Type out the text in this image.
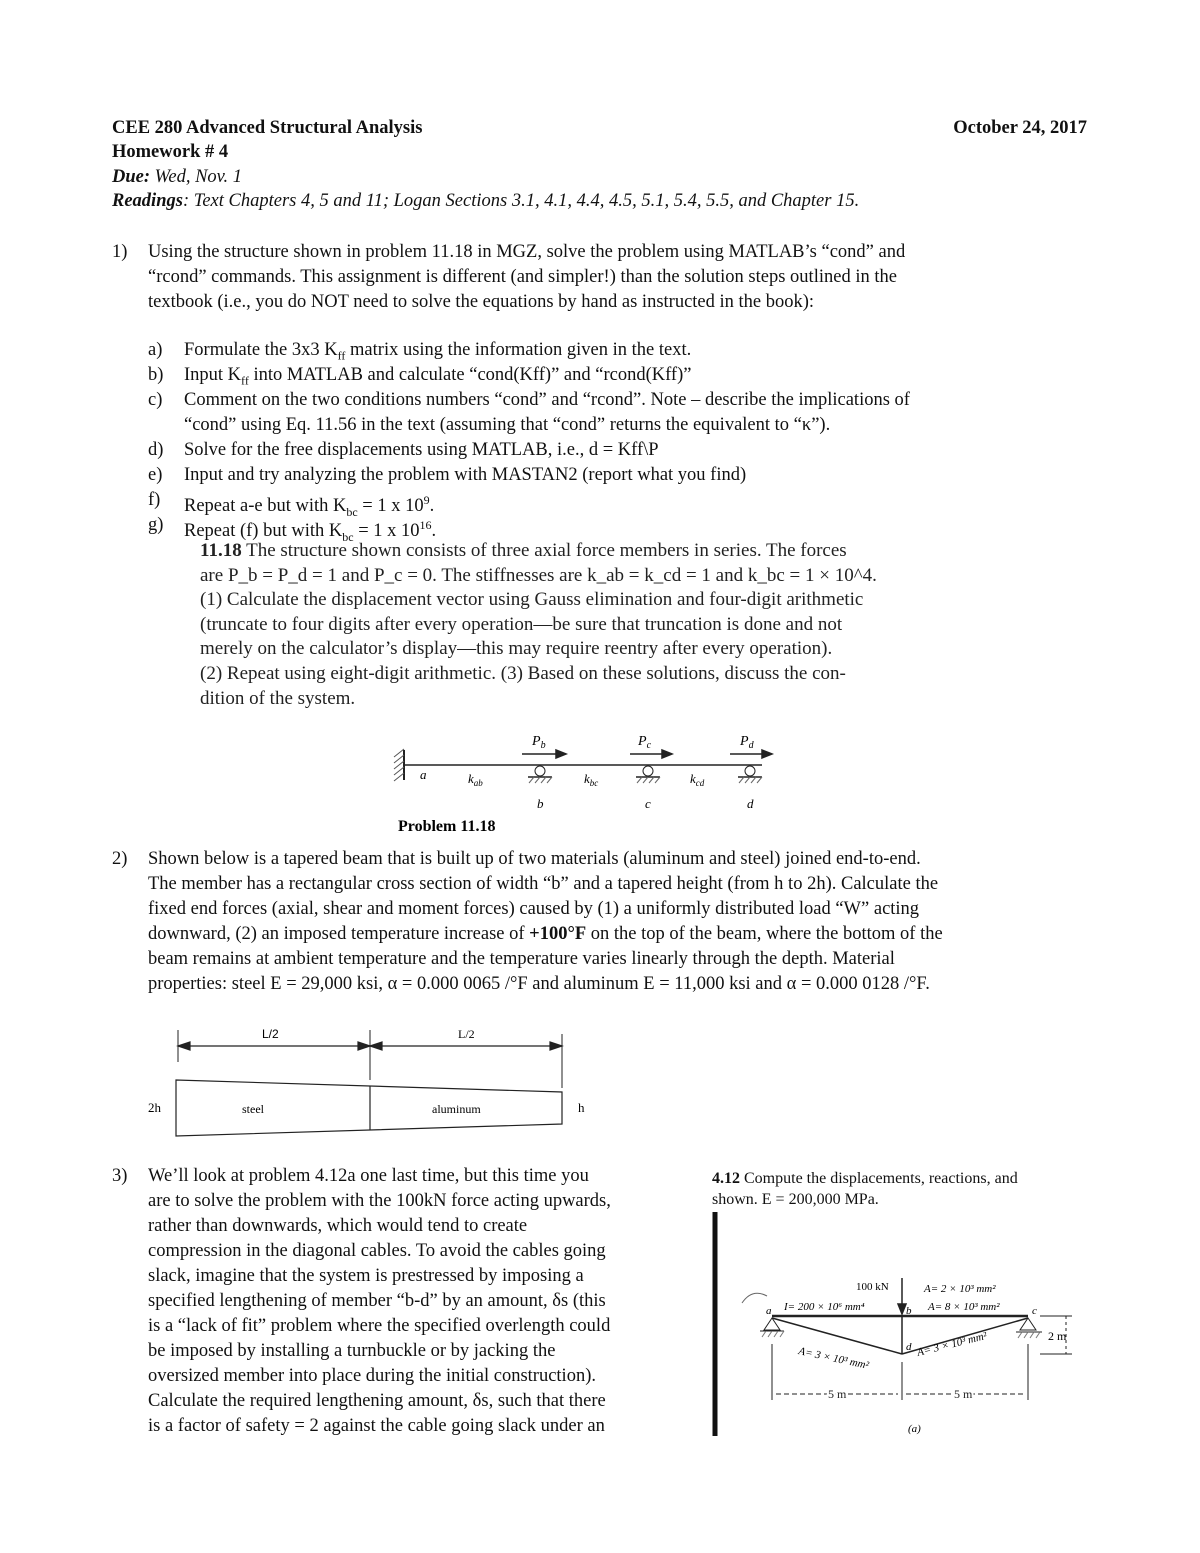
CEE 280 Advanced Structural Analysis	October 24, 2017
Homework # 4
Due: Wed, Nov. 1
Readings: Text Chapters 4, 5 and 11; Logan Sections 3.1, 4.1, 4.4, 4.5, 5.1, 5.4, 5.5, and Chapter 15.
1) Using the structure shown in problem 11.18 in MGZ, solve the problem using MATLAB’s “cond” and
“rcond” commands. This assignment is different (and simpler!) than the solution steps outlined in the
textbook (i.e., you do NOT need to solve the equations by hand as instructed in the book):
a)	Formulate the 3x3 $K_{ff}$ matrix using the information given in the text.
b)	Input $K_{ff}$ into MATLAB and calculate “cond(Kff)” and “rcond(Kff)”
c)	Comment on the two conditions numbers “cond” and “rcond”. Note – describe the implications of
“cond” using Eq. 11.56 in the text (assuming that “cond” returns the equivalent to “κ”).
d)	Solve for the free displacements using MATLAB, i.e., d = Kff\P
e)	Input and try analyzing the problem with MASTAN2 (report what you find)
f)	Repeat a-e but with $K_{bc} = 1$ x $10^9$.
g)	Repeat (f) but with $K_{bc} = 1$ x $10^{16}$.
11.18 The structure shown consists of three axial force members in series. The forces
are P_b = P_d = 1 and P_c = 0. The stiffnesses are k_ab = k_cd = 1 and k_bc = 1 × 10^4.
(1) Calculate the displacement vector using Gauss elimination and four-digit arithmetic
(truncate to four digits after every operation—be sure that truncation is done and not
merely on the calculator’s display—this may require reentry after every operation).
(2) Repeat using eight-digit arithmetic. (3) Based on these solutions, discuss the con-
dition of the system.
$P_b$	$P_c$	$P_d$
a
b	c	d
$k_{ab}$	$k_{bc}$	$k_{cd}$
Problem 11.18
2) Shown below is a tapered beam that is built up of two materials (aluminum and steel) joined end-to-end.
The member has a rectangular cross section of width “b” and a tapered height (from h to 2h). Calculate the
fixed end forces (axial, shear and moment forces) caused by (1) a uniformly distributed load “W” acting
downward, (2) an imposed temperature increase of +100°F on the top of the beam, where the bottom of the
beam remains at ambient temperature and the temperature varies linearly through the depth. Material
properties: steel E = 29,000 ksi, α = 0.000 0065 /°F and aluminum E = 11,000 ksi and α = 0.000 0128 /°F.
L/2	L/2
2h	h
steel	aluminum
3) We’ll look at problem 4.12a one last time, but this time you
are to solve the problem with the 100kN force acting upwards,
rather than downwards, which would tend to create
compression in the diagonal cables. To avoid the cables going
slack, imagine that the system is prestressed by imposing a
specified lengthening of member “b-d” by an amount, δs (this
is a “lack of fit” problem where the specified overlength could
be imposed by installing a turnbuckle or by jacking the
oversized member into place during the initial construction).
Calculate the required lengthening amount, δs, such that there
is a factor of safety = 2 against the cable going slack under an
4.12 Compute the displacements, reactions, and
shown. E = 200,000 MPa.
2 m
5 m	5 m
100 kN
I= 200 × 10⁶ mm⁴
A= 2 × 10³ mm²
A= 8 × 10³ mm²
A= 3 × 10³ mm²	A= 3 × 10³ mm²
a	b	c
d
(a)
